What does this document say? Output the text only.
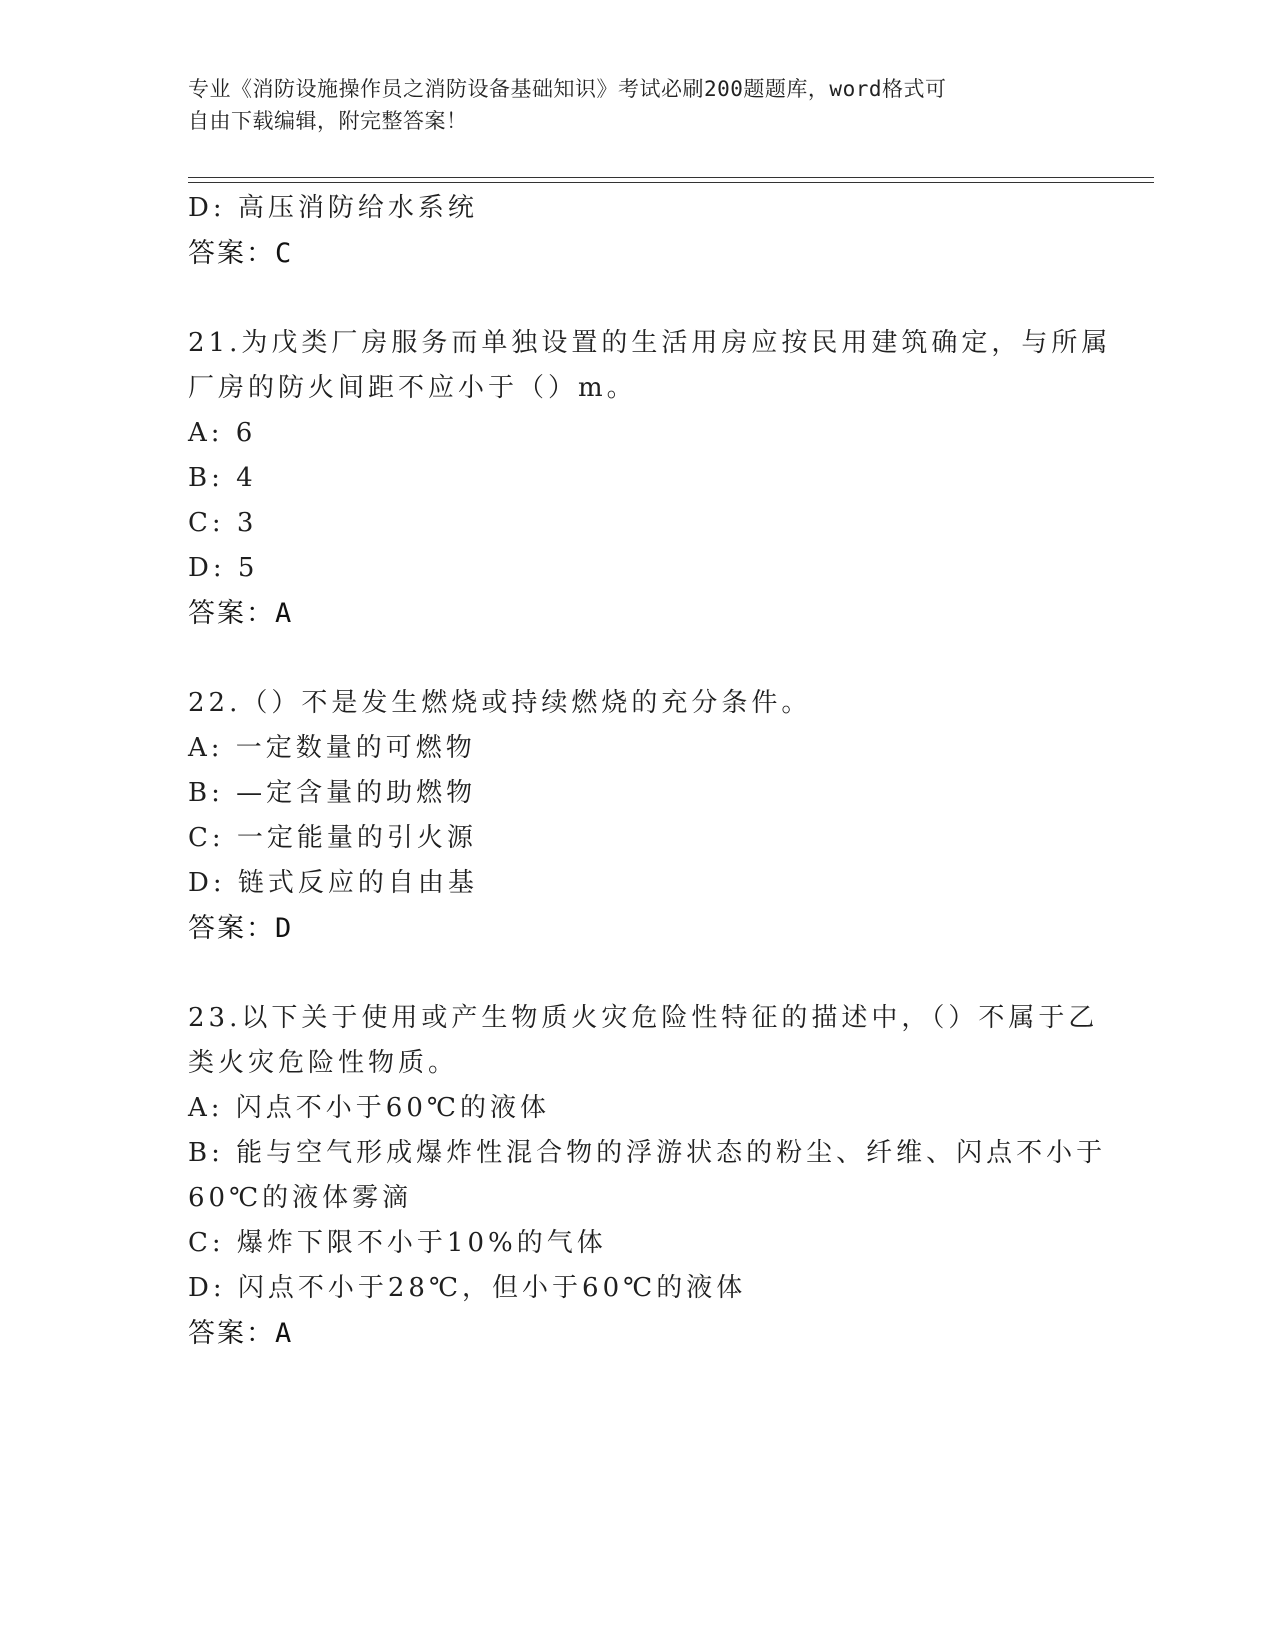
专业《消防设施操作员之消防设备基础知识》考试必刷200题题库，word格式可
自由下载编辑，附完整答案！
D: 高压消防给水系统
答案：C
21.为戊类厂房服务而单独设置的生活用房应按民用建筑确定，与所属
厂房的防火间距不应小于（）m。
A: 6
B: 4
C: 3
D: 5
答案：A
22.（）不是发生燃烧或持续燃烧的充分条件。
A: 一定数量的可燃物
B: —定含量的助燃物
C: 一定能量的引火源
D: 链式反应的自由基
答案：D
23.以下关于使用或产生物质火灾危险性特征的描述中，（）不属于乙
类火灾危险性物质。
A: 闪点不小于60℃的液体
B: 能与空气形成爆炸性混合物的浮游状态的粉尘、纤维、闪点不小于
60℃的液体雾滴
C: 爆炸下限不小于10%的气体
D: 闪点不小于28℃，但小于60℃的液体
答案：A
